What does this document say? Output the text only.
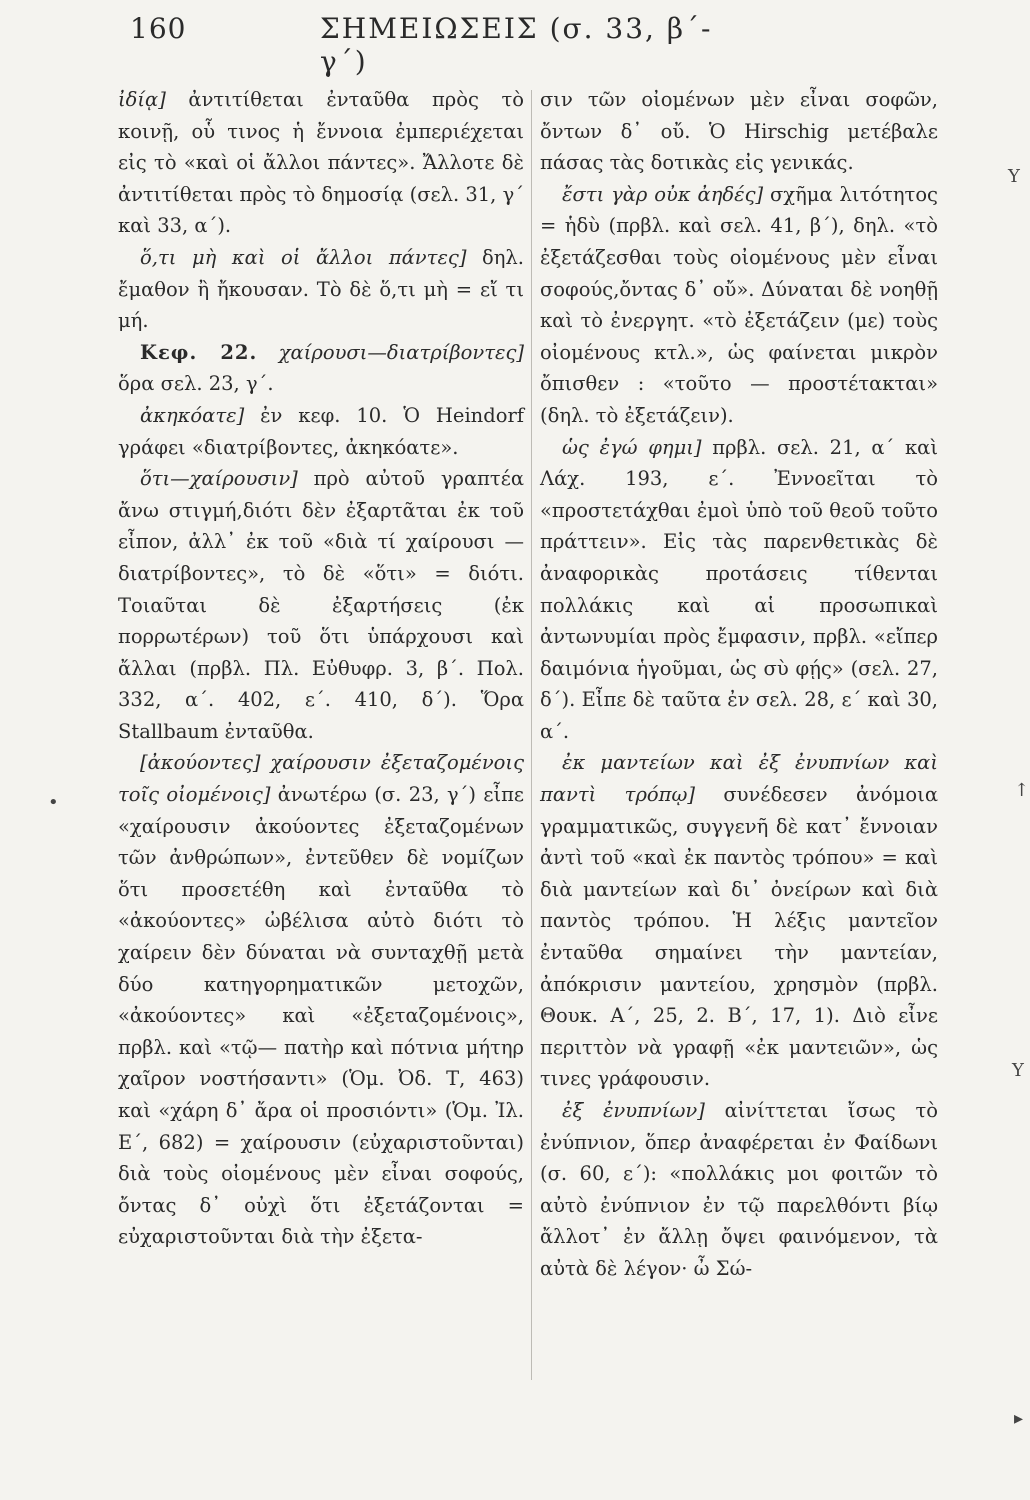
160	ΣΗΜΕΙΩΣΕΙΣ (σ. 33, β΄-γ΄)

ἰδίᾳ] ἀντιτίθεται ἐνταῦθα πρὸς τὸ κοινῇ, οὗ τινος ἡ ἔννοια ἐμπεριέχεται εἰς τὸ «καὶ οἱ ἄλλοι πάντες». Ἄλλοτε δὲ ἀντιτίθεται πρὸς τὸ δημοσίᾳ (σελ. 31, γ΄ καὶ 33, α΄).

ὅ,τι μὴ καὶ οἱ ἄλλοι πάντες] δηλ. ἔμαθον ἢ ἤκουσαν. Τὸ δὲ ὅ,τι μὴ = εἴ τι μή.

Κεφ. 22. χαίρουσι—διατρίβοντες] ὅρα σελ. 23, γ΄.

ἀκηκόατε] ἐν κεφ. 10. Ὁ Heindorf γράφει «διατρίβοντες, ἀκηκόατε».

ὅτι—χαίρουσιν] πρὸ αὐτοῦ γραπτέα ἄνω στιγμή,διότι δὲν ἐξαρτᾶται ἐκ τοῦ εἶπον, ἀλλ᾽ ἐκ τοῦ «διὰ τί χαίρουσι — διατρίβοντες», τὸ δὲ «ὅτι» = διότι. Τοιαῦται δὲ ἐξαρτήσεις (ἐκ πορρωτέρων) τοῦ ὅτι ὑπάρχουσι καὶ ἄλλαι (πρβλ. Πλ. Εὐθυφρ. 3, β΄. Πολ. 332, α΄. 402, ε΄. 410, δ΄). Ὅρα Stallbaum ἐνταῦθα.

[ἀκούοντες] χαίρουσιν ἐξεταζομένοις τοῖς οἰομένοις] ἀνωτέρω (σ. 23, γ΄) εἶπε «χαίρουσιν ἀκούοντες ἐξεταζομένων τῶν ἀνθρώπων», ἐντεῦθεν δὲ νομίζων ὅτι προσετέθη καὶ ἐνταῦθα τὸ «ἀκούοντες» ὠβέλισα αὐτὸ διότι τὸ χαίρειν δὲν δύναται νὰ συνταχθῇ μετὰ δύο κατηγορηματικῶν μετοχῶν, «ἀκούοντες» καὶ «ἐξεταζομένοις», πρβλ. καὶ «τῷ— πατὴρ καὶ πότνια μήτηρ χαῖρον νοστήσαντι» (Ὁμ. Ὀδ. Τ, 463) καὶ «χάρη δ᾽ ἄρα οἱ προσιόντι» (Ὁμ. Ἰλ. Ε΄, 682) = χαίρουσιν (εὐχαριστοῦνται) διὰ τοὺς οἰομένους μὲν εἶναι σοφούς, ὄντας δ᾽ οὐχὶ ὅτι ἐξετάζονται = εὐχαριστοῦνται διὰ τὴν ἐξετα-

σιν τῶν οἰομένων μὲν εἶναι σοφῶν, ὄντων δ᾽ οὔ. Ὁ Hirschig μετέβαλε πάσας τὰς δοτικὰς εἰς γενικάς.

ἔστι γὰρ οὐκ ἀηδές] σχῆμα λιτότητος = ἡδὺ (πρβλ. καὶ σελ. 41, β΄), δηλ. «τὸ ἐξετάζεσθαι τοὺς οἰομένους μὲν εἶναι σοφούς,ὄντας δ᾽ οὔ». Δύναται δὲ νοηθῇ καὶ τὸ ἐνεργητ. «τὸ ἐξετάζειν (με) τοὺς οἰομένους κτλ.», ὡς φαίνεται μικρὸν ὄπισθεν : «τοῦτο — προστέτακται» (δηλ. τὸ ἐξετάζειν).

ὡς ἐγώ φημι] πρβλ. σελ. 21, α΄ καὶ Λάχ. 193, ε΄. Ἐννοεῖται τὸ «προστετάχθαι ἐμοὶ ὑπὸ τοῦ θεοῦ τοῦτο πράττειν». Εἰς τὰς παρενθετικὰς δὲ ἀναφορικὰς προτάσεις τίθενται πολλάκις καὶ αἱ προσωπικαὶ ἀντωνυμίαι πρὸς ἔμφασιν, πρβλ. «εἴπερ δαιμόνια ἡγοῦμαι, ὡς σὺ φῄς» (σελ. 27, δ΄). Εἶπε δὲ ταῦτα ἐν σελ. 28, ε΄ καὶ 30, α΄.

ἐκ μαντείων καὶ ἐξ ἐνυπνίων καὶ παντὶ τρόπῳ] συνέδεσεν ἀνόμοια γραμματικῶς, συγγενῆ δὲ κατ᾽ ἔννοιαν ἀντὶ τοῦ «καὶ ἐκ παντὸς τρόπου» = καὶ διὰ μαντείων καὶ δι᾽ ὀνείρων καὶ διὰ παντὸς τρόπου. Ἡ λέξις μαντεῖον ἐνταῦθα σημαίνει τὴν μαντείαν, ἀπόκρισιν μαντείου, χρησμὸν (πρβλ. Θουκ. Α΄, 25, 2. Β΄, 17, 1). Διὸ εἶνε περιττὸν νὰ γραφῇ «ἐκ μαντειῶν», ὡς τινες γράφουσιν.

ἐξ ἐνυπνίων] αἰνίττεται ἴσως τὸ ἐνύπνιον, ὅπερ ἀναφέρεται ἐν Φαίδωνι (σ. 60, ε΄): «πολλάκις μοι φοιτῶν τὸ αὐτὸ ἐνύπνιον ἐν τῷ παρελθόντι βίῳ ἄλλοτ᾽ ἐν ἄλλῃ ὄψει φαινόμενον, τὰ αὐτὰ δὲ λέγον· ὦ Σώ-

Y
↑
Y
▸
•
